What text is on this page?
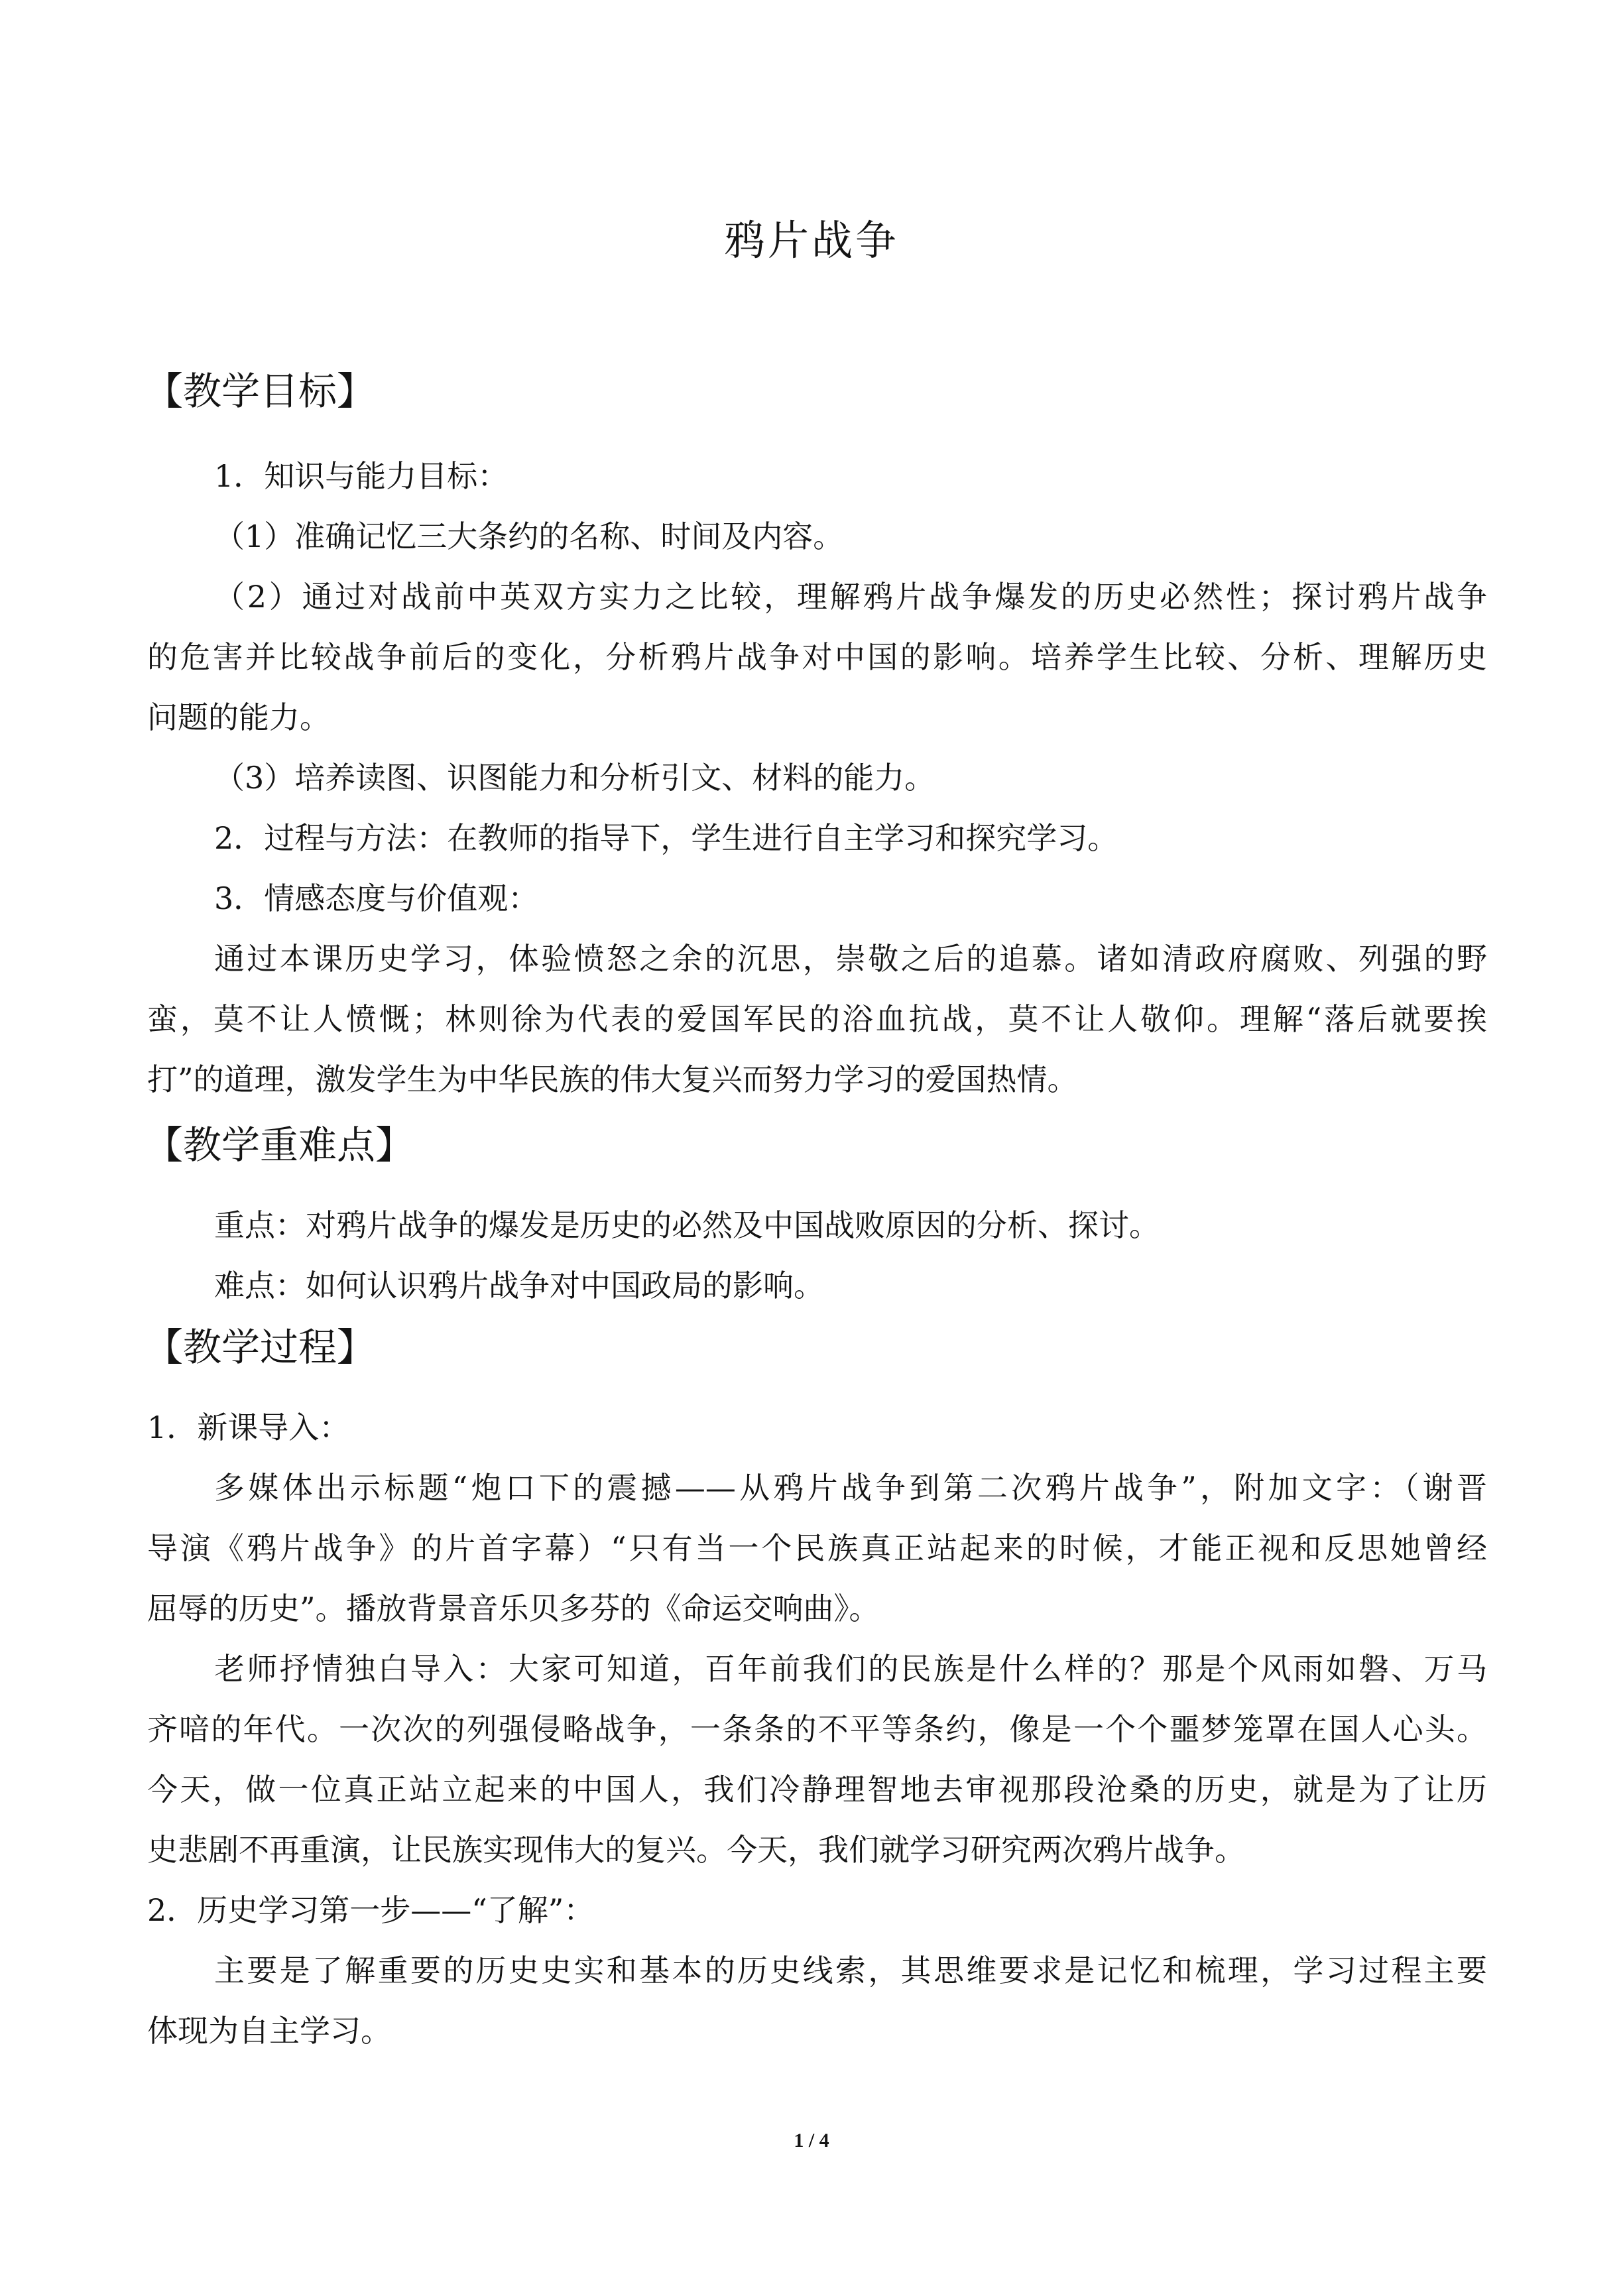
鸦片战争
【教学目标】
1．知识与能力目标：
（1）准确记忆三大条约的名称、时间及内容。
（2）通过对战前中英双方实力之比较，理解鸦片战争爆发的历史必然性；探讨鸦片战争
的危害并比较战争前后的变化，分析鸦片战争对中国的影响。培养学生比较、分析、理解历史
问题的能力。
（3）培养读图、识图能力和分析引文、材料的能力。
2．过程与方法：在教师的指导下，学生进行自主学习和探究学习。
3．情感态度与价值观：
通过本课历史学习，体验愤怒之余的沉思，崇敬之后的追慕。诸如清政府腐败、列强的野
蛮，莫不让人愤慨；林则徐为代表的爱国军民的浴血抗战，莫不让人敬仰。理解“落后就要挨
打”的道理，激发学生为中华民族的伟大复兴而努力学习的爱国热情。
【教学重难点】
重点：对鸦片战争的爆发是历史的必然及中国战败原因的分析、探讨。
难点：如何认识鸦片战争对中国政局的影响。
【教学过程】
1．新课导入：
多媒体出示标题“炮口下的震撼——从鸦片战争到第二次鸦片战争”，附加文字：（谢晋
导演《鸦片战争》的片首字幕）“只有当一个民族真正站起来的时候，才能正视和反思她曾经
屈辱的历史”。播放背景音乐贝多芬的《命运交响曲》。
老师抒情独白导入：大家可知道，百年前我们的民族是什么样的？那是个风雨如磐、万马
齐喑的年代。一次次的列强侵略战争，一条条的不平等条约，像是一个个噩梦笼罩在国人心头。
今天，做一位真正站立起来的中国人，我们冷静理智地去审视那段沧桑的历史，就是为了让历
史悲剧不再重演，让民族实现伟大的复兴。今天，我们就学习研究两次鸦片战争。
2．历史学习第一步——“了解”：
主要是了解重要的历史史实和基本的历史线索，其思维要求是记忆和梳理，学习过程主要
体现为自主学习。
1 / 4
